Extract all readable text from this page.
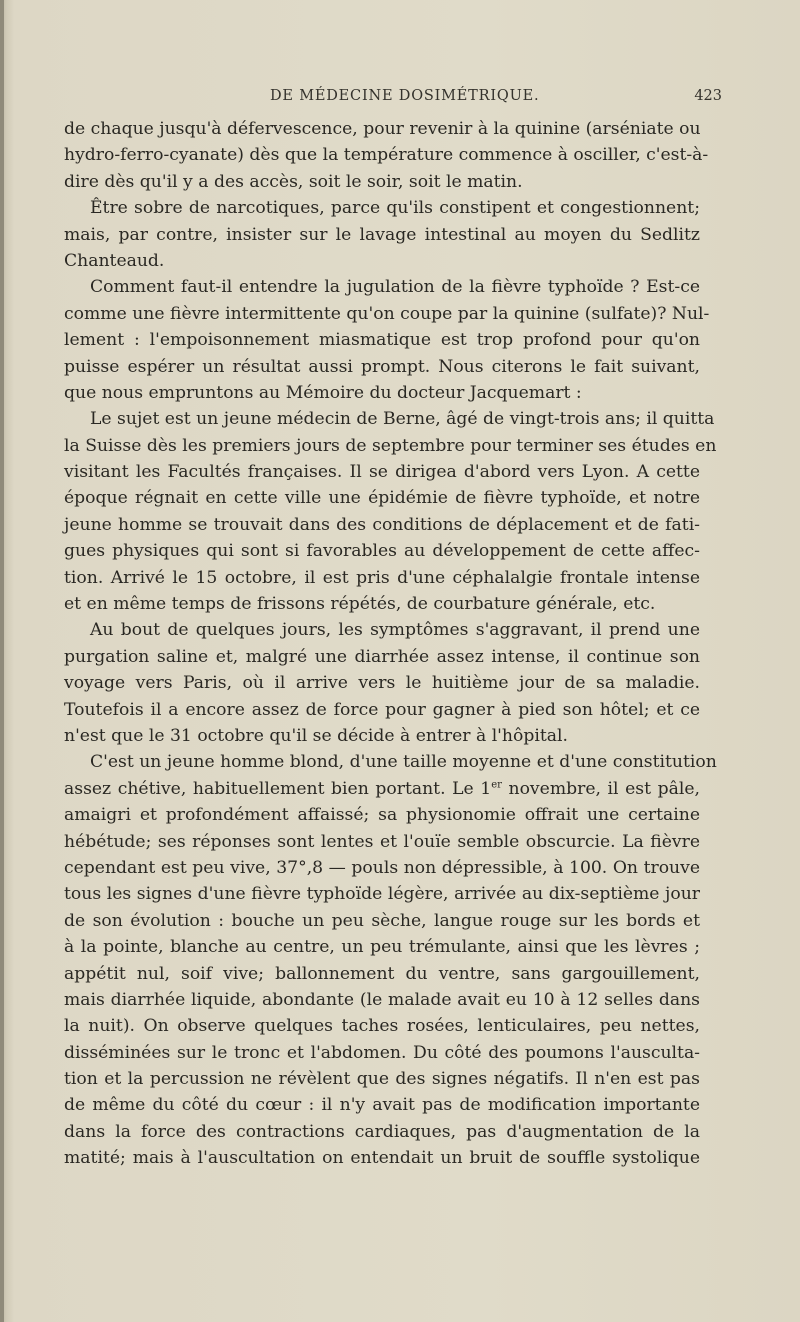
DE MÉDECINE DOSIMÉTRIQUE.	423
de chaque jusqu'à défervescence, pour revenir à la quinine (arséniate ou
hydro-ferro-cyanate) dès que la température commence à osciller, c'est-à-
dire dès qu'il y a des accès, soit le soir, soit le matin.
Être sobre de narcotiques, parce qu'ils constipent et congestionnent;
mais, par contre, insister sur le lavage intestinal au moyen du Sedlitz
Chanteaud.
Comment faut-il entendre la jugulation de la fièvre typhoïde ? Est-ce
comme une fièvre intermittente qu'on coupe par la quinine (sulfate)? Nul-
lement : l'empoisonnement miasmatique est trop profond pour qu'on
puisse espérer un résultat aussi prompt. Nous citerons le fait suivant,
que nous empruntons au Mémoire du docteur Jacquemart :
Le sujet est un jeune médecin de Berne, âgé de vingt-trois ans; il quitta
la Suisse dès les premiers jours de septembre pour terminer ses études en
visitant les Facultés françaises. Il se dirigea d'abord vers Lyon. A cette
époque régnait en cette ville une épidémie de fièvre typhoïde, et notre
jeune homme se trouvait dans des conditions de déplacement et de fati-
gues physiques qui sont si favorables au développement de cette affec-
tion. Arrivé le 15 octobre, il est pris d'une céphalalgie frontale intense
et en même temps de frissons répétés, de courbature générale, etc.
Au bout de quelques jours, les symptômes s'aggravant, il prend une
purgation saline et, malgré une diarrhée assez intense, il continue son
voyage vers Paris, où il arrive vers le huitième jour de sa maladie.
Toutefois il a encore assez de force pour gagner à pied son hôtel; et ce
n'est que le 31 octobre qu'il se décide à entrer à l'hôpital.
C'est un jeune homme blond, d'une taille moyenne et d'une constitution
assez chétive, habituellement bien portant. Le 1er novembre, il est pâle,
amaigri et profondément affaissé; sa physionomie offrait une certaine
hébétude; ses réponses sont lentes et l'ouïe semble obscurcie. La fièvre
cependant est peu vive, 37°,8 — pouls non dépressible, à 100. On trouve
tous les signes d'une fièvre typhoïde légère, arrivée au dix-septième jour
de son évolution : bouche un peu sèche, langue rouge sur les bords et
à la pointe, blanche au centre, un peu trémulante, ainsi que les lèvres ;
appétit nul, soif vive; ballonnement du ventre, sans gargouillement,
mais diarrhée liquide, abondante (le malade avait eu 10 à 12 selles dans
la nuit). On observe quelques taches rosées, lenticulaires, peu nettes,
disséminées sur le tronc et l'abdomen. Du côté des poumons l'ausculta-
tion et la percussion ne révèlent que des signes négatifs. Il n'en est pas
de même du côté du cœur : il n'y avait pas de modification importante
dans la force des contractions cardiaques, pas d'augmentation de la
matité; mais à l'auscultation on entendait un bruit de souffle systolique
